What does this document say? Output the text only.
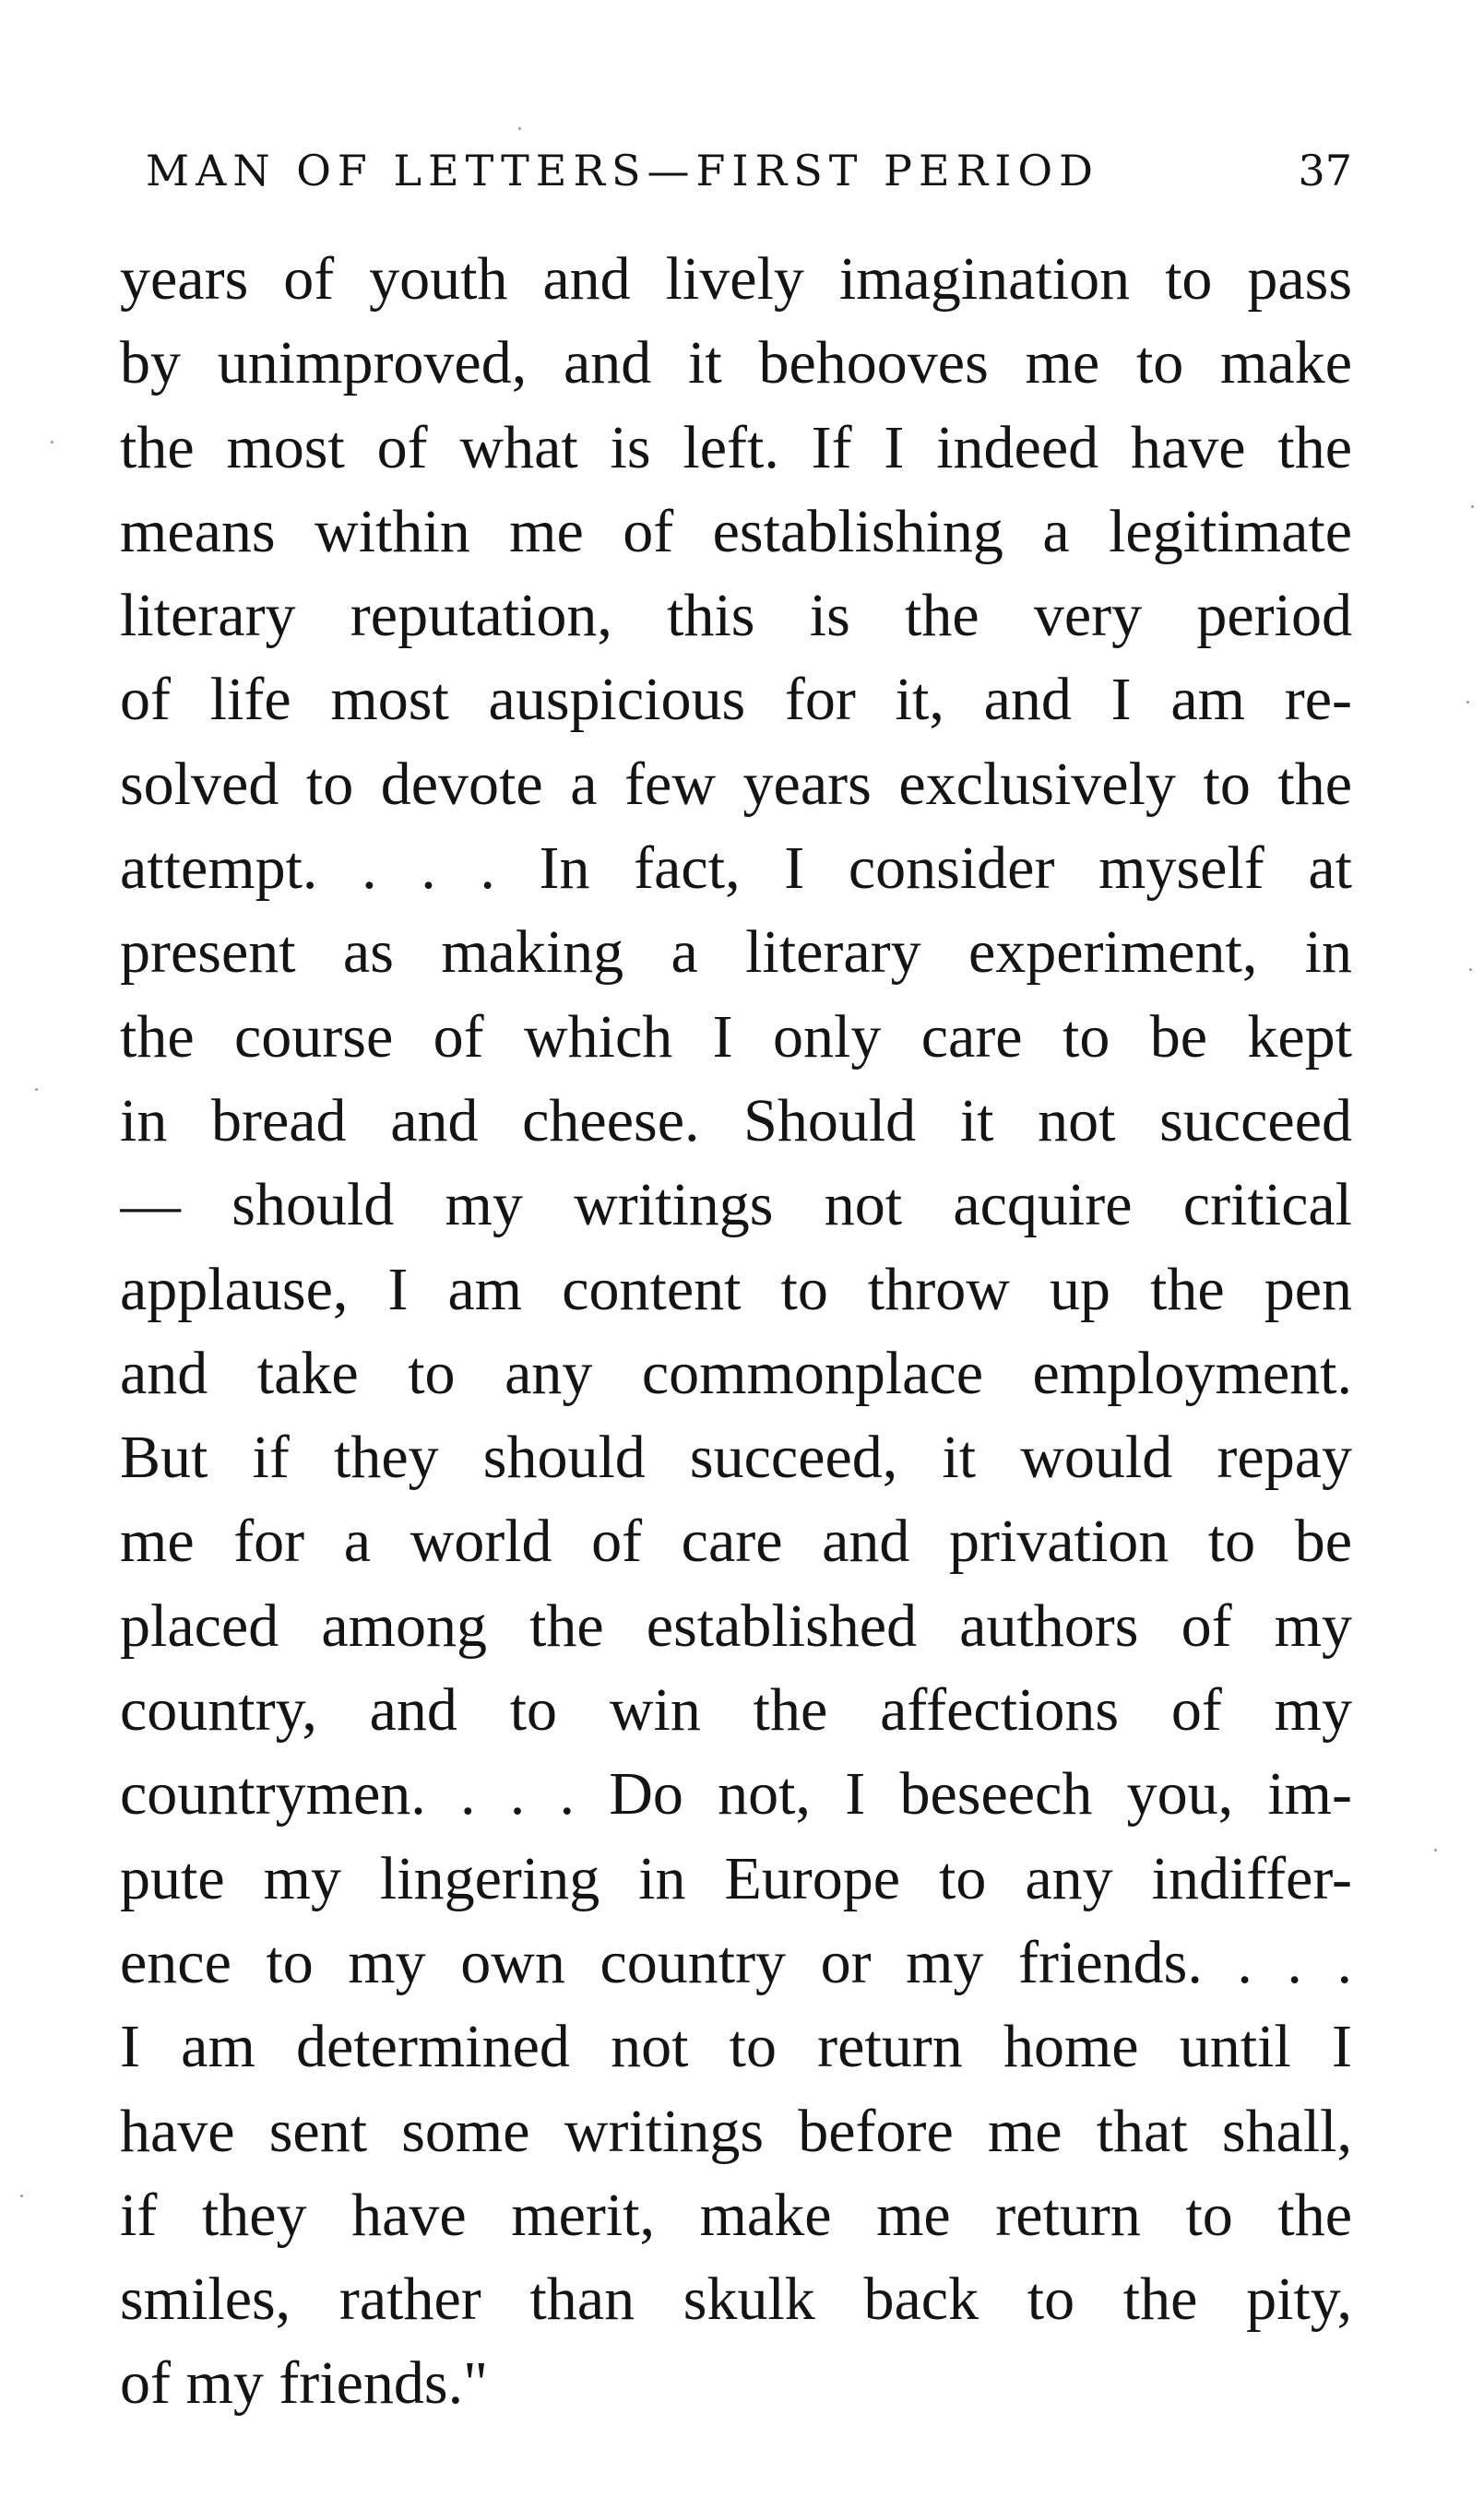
MAN OF LETTERS—FIRST PERIOD	37
years of youth and lively imagination to pass
by unimproved, and it behooves me to make
the most of what is left. If I indeed have the
means within me of establishing a legitimate
literary reputation, this is the very period
of life most auspicious for it, and I am re-
solved to devote a few years exclusively to the
attempt. . . . In fact, I consider myself at
present as making a literary experiment, in
the course of which I only care to be kept
in bread and cheese. Should it not succeed
— should my writings not acquire critical
applause, I am content to throw up the pen
and take to any commonplace employment.
But if they should succeed, it would repay
me for a world of care and privation to be
placed among the established authors of my
country, and to win the affections of my
countrymen. . . . Do not, I beseech you, im-
pute my lingering in Europe to any indiffer-
ence to my own country or my friends. . . .
I am determined not to return home until I
have sent some writings before me that shall,
if they have merit, make me return to the
smiles, rather than skulk back to the pity,
of my friends."
